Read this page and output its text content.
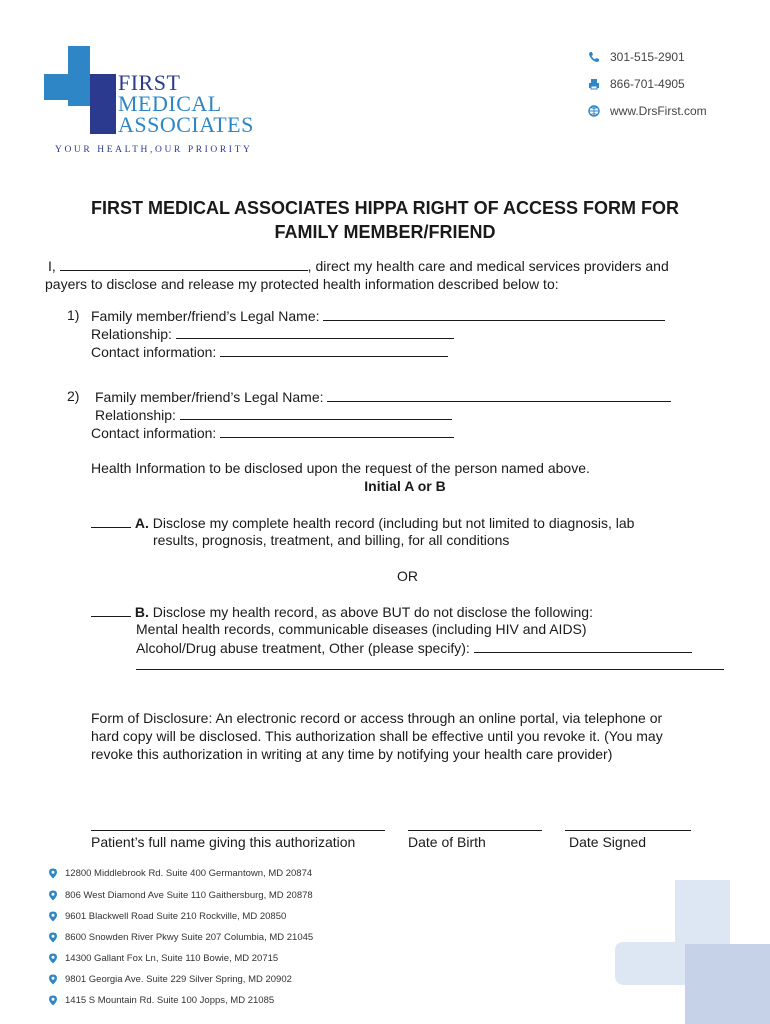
FIRST
MEDICAL
ASSOCIATES
YOUR HEALTH,OUR PRIORITY
301-515-2901
866-701-4905
www.DrsFirst.com
FIRST MEDICAL ASSOCIATES HIPPA RIGHT OF ACCESS FORM FOR
FAMILY MEMBER/FRIEND
I,	, direct my health care and medical services providers and
payers to disclose and release my protected health information described below to:
1) Family member/friend’s Legal Name:
Relationship:
Contact information:
2) Family member/friend’s Legal Name:
Relationship:
Contact information:
Health Information to be disclosed upon the request of the person named above.
Initial A or B
A. Disclose my complete health record (including but not limited to diagnosis, lab
results, prognosis, treatment, and billing, for all conditions
OR
B. Disclose my health record, as above BUT do not disclose the following:
Mental health records, communicable diseases (including HIV and AIDS)
Alcohol/Drug abuse treatment, Other (please specify):
Form of Disclosure: An electronic record or access through an online portal, via telephone or
hard copy will be disclosed. This authorization shall be effective until you revoke it. (You may
revoke this authorization in writing at any time by notifying your health care provider)
Patient’s full name giving this authorization	Date of Birth	Date Signed
12800 Middlebrook Rd. Suite 400 Germantown, MD 20874
806 West Diamond Ave Suite 110 Gaithersburg, MD 20878
9601 Blackwell Road Suite 210 Rockville, MD 20850
8600 Snowden River Pkwy Suite 207 Columbia, MD 21045
14300 Gallant Fox Ln, Suite 110 Bowie, MD 20715
9801 Georgia Ave. Suite 229 Silver Spring, MD 20902
1415 S Mountain Rd. Suite 100 Jopps, MD 21085
